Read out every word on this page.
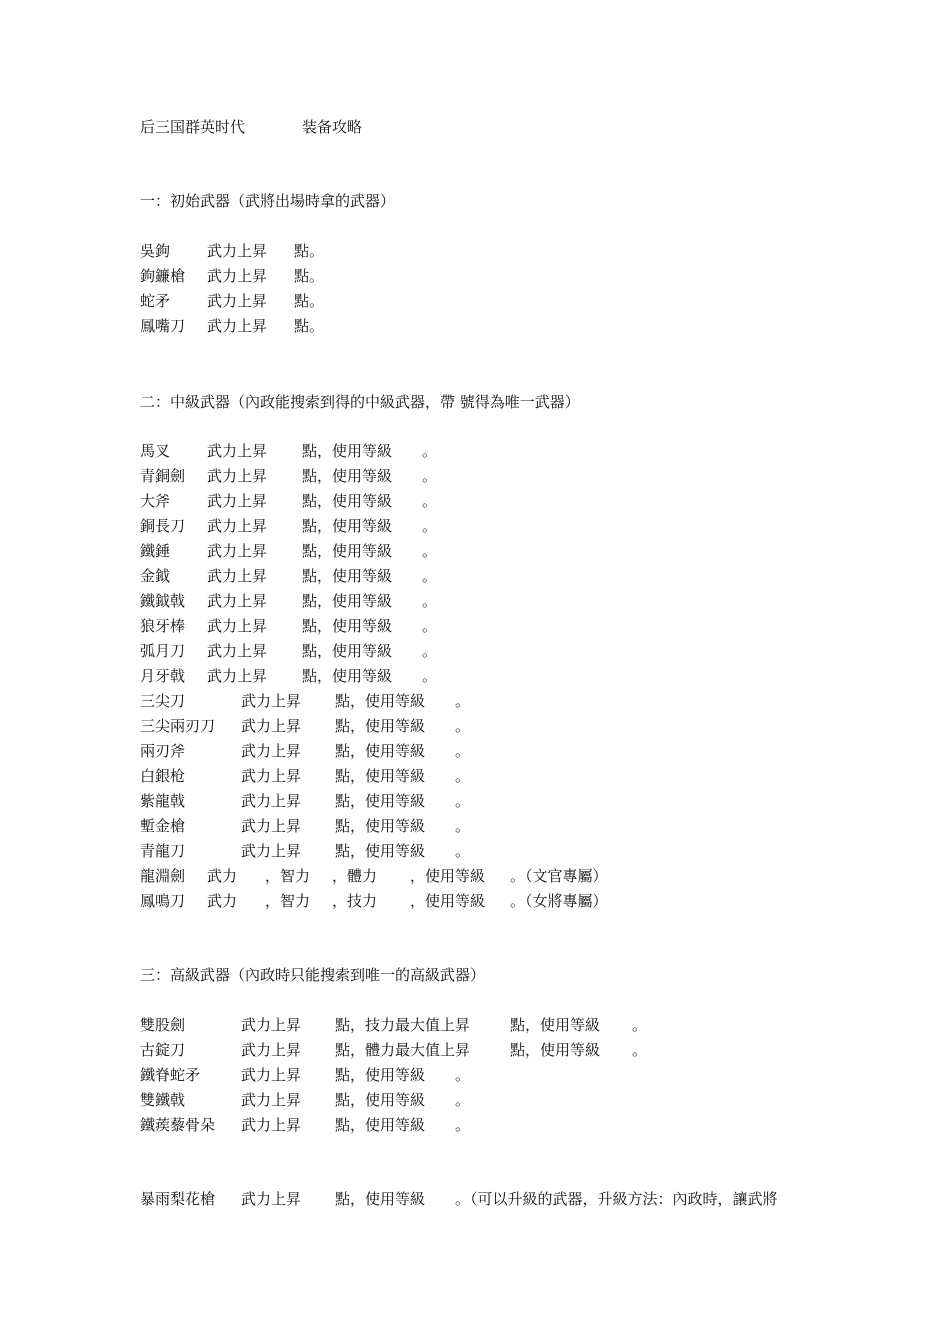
后三国群英时代	装备攻略
一：初始武器（武將出場時拿的武器）
吳鉤 武力上昇 點。
鉤鐮槍 武力上昇 點。
蛇矛 武力上昇 點。
鳳嘴刀 武力上昇 點。
二：中級武器（內政能搜索到得的中級武器，帶 號得為唯一武器）
馬叉 武力上昇 點，使用等級 。
青銅劍 武力上昇 點，使用等級 。
大斧 武力上昇 點，使用等級 。
銅長刀 武力上昇 點，使用等級 。
鐵錘 武力上昇 點，使用等級 。
金鉞 武力上昇 點，使用等級 。
鐵鉞戟 武力上昇 點，使用等級 。
狼牙棒 武力上昇 點，使用等級 。
弧月刀 武力上昇 點，使用等級 。
月牙戟 武力上昇 點，使用等級 。
三尖刀	武力上昇 點，使用等級 。
三尖兩刃刀 武力上昇 點，使用等級 。
兩刃斧	武力上昇 點，使用等級 。
白銀枪	武力上昇 點，使用等級 。
紫龍戟	武力上昇 點，使用等級 。
塹金槍	武力上昇 點，使用等級 。
青龍刀	武力上昇 點，使用等級 。
龍淵劍 武力 ，智力 ，體力 ，使用等級 。（文官專屬）
鳳鳴刀 武力 ，智力 ，技力 ，使用等級 。（女將專屬）
三：高級武器（內政時只能搜索到唯一的高級武器）
雙股劍	武力上昇 點，技力最大值上昇	點，使用等級 。
古錠刀	武力上昇 點，體力最大值上昇	點，使用等級 。
鐵脊蛇矛	武力上昇 點，使用等級 。
雙鐵戟	武力上昇 點，使用等級 。
鐵蒺藜骨朵 武力上昇 點，使用等級 。
暴雨梨花槍 武力上昇 點，使用等級 。（可以升級的武器，升級方法：內政時，讓武將
